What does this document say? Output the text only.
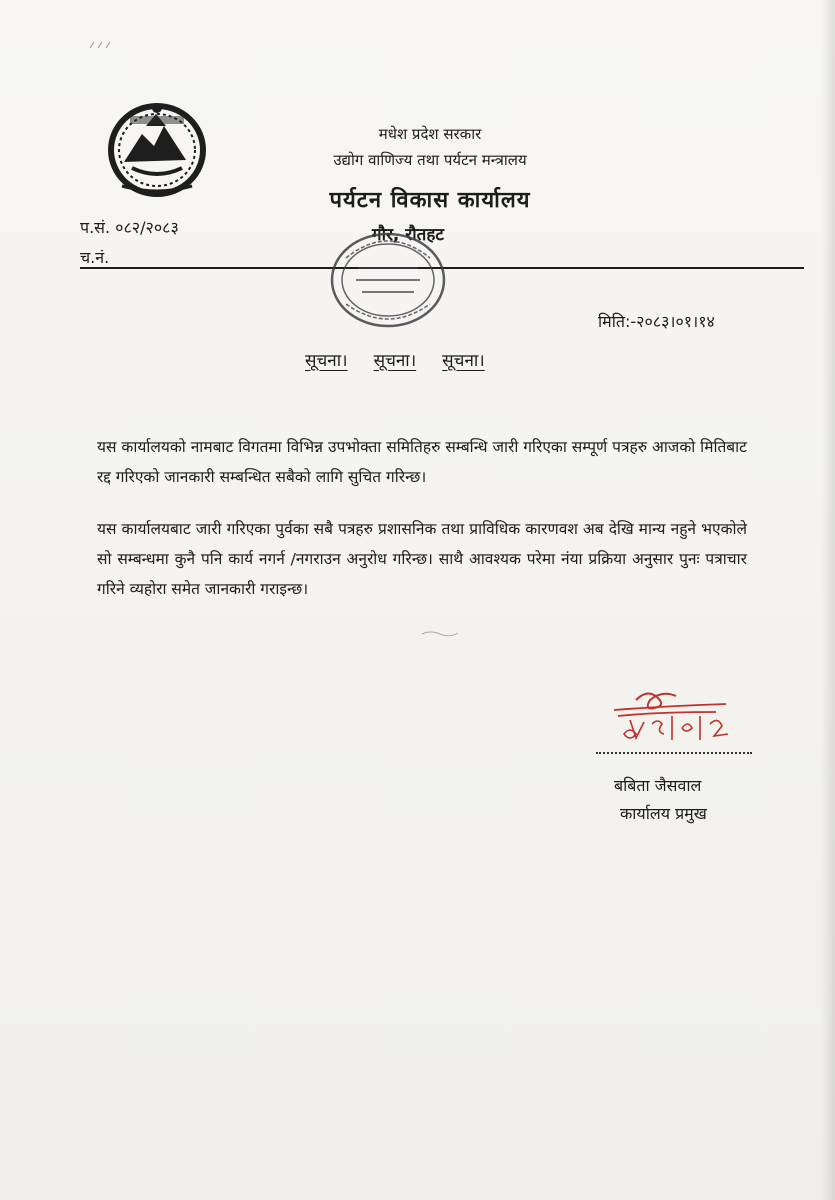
मधेश प्रदेश सरकार
उद्योग वाणिज्य तथा पर्यटन मन्त्रालय
पर्यटन विकास कार्यालय
गौर, रौतहट
प.सं. ०८२/२०८३
च.नं.
मिति:-२०८३।०१।१४
सूचना। सूचना। सूचना।
यस कार्यालयको नामबाट विगतमा विभिन्न उपभोक्ता समितिहरु सम्बन्धि जारी गरिएका सम्पूर्ण पत्रहरु आजको मितिबाट रद्द गरिएको जानकारी सम्बन्धित सबैको लागि सुचित गरिन्छ।
यस कार्यालयबाट जारी गरिएका पुर्वका सबै पत्रहरु प्रशासनिक तथा प्राविधिक कारणवश अब देखि मान्य नहुने भएकोले सो सम्बन्धमा कुनै पनि कार्य नगर्न /नगराउन अनुरोध गरिन्छ। साथै आवश्यक परेमा नंया प्रक्रिया अनुसार पुनः पत्राचार गरिने व्यहोरा समेत जानकारी गराइन्छ।
बबिता जैसवाल
कार्यालय प्रमुख
